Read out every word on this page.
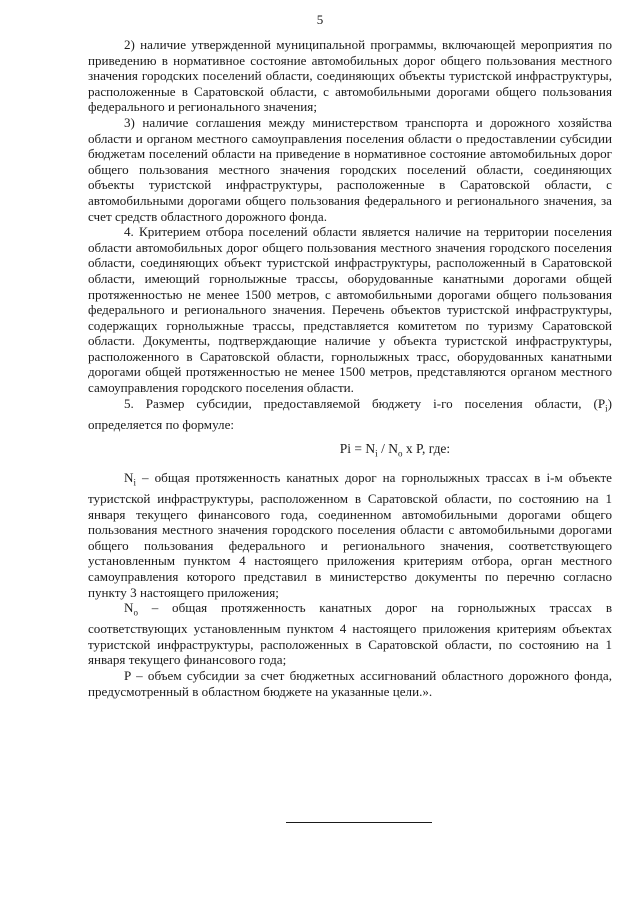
5

2) наличие утвержденной муниципальной программы, включающей мероприятия по приведению в нормативное состояние автомобильных дорог общего пользования местного значения городских поселений области, соединяющих объекты туристской инфраструктуры, расположенные в Саратовской области, с автомобильными дорогами общего пользования федерального и регионального значения;

3) наличие соглашения между министерством транспорта и дорожного хозяйства области и органом местного самоуправления поселения области о предоставлении субсидии бюджетам поселений области на приведение в нормативное состояние автомобильных дорог общего пользования местного значения городских поселений области, соединяющих объекты туристской инфраструктуры, расположенные в Саратовской области, с автомобильными дорогами общего пользования федерального и регионального значения, за счет средств областного дорожного фонда.

4. Критерием отбора поселений области является наличие на территории поселения области автомобильных дорог общего пользования местного значения городского поселения области, соединяющих объект туристской инфраструктуры, расположенный в Саратовской области, имеющий горнолыжные трассы, оборудованные канатными дорогами общей протяженностью не менее 1500 метров, с автомобильными дорогами общего пользования федерального и регионального значения. Перечень объектов туристской инфраструктуры, содержащих горнолыжные трассы, представляется комитетом по туризму Саратовской области. Документы, подтверждающие наличие у объекта туристской инфраструктуры, расположенного в Саратовской области, горнолыжных трасс, оборудованных канатными дорогами общей протяженностью не менее 1500 метров, представляются органом местного самоуправления городского поселения области.

5. Размер субсидии, предоставляемой бюджету i-го поселения области, $(P_i)$ определяется по формуле:

$Pi = N_i / N_o$ x P, где:

$N_i$ – общая протяженность канатных дорог на горнолыжных трассах в i-м объекте туристской инфраструктуры, расположенном в Саратовской области, по состоянию на 1 января текущего финансового года, соединенном автомобильными дорогами общего пользования местного значения городского поселения области с автомобильными дорогами общего пользования федерального и регионального значения, соответствующего установленным пунктом 4 настоящего приложения критериям отбора, орган местного самоуправления которого представил в министерство документы по перечню согласно пункту 3 настоящего приложения;

$N_o$ – общая протяженность канатных дорог на горнолыжных трассах в соответствующих установленным пунктом 4 настоящего приложения критериям объектах туристской инфраструктуры, расположенных в Саратовской области, по состоянию на 1 января текущего финансового года;

P – объем субсидии за счет бюджетных ассигнований областного дорожного фонда, предусмотренный в областном бюджете на указанные цели.».
